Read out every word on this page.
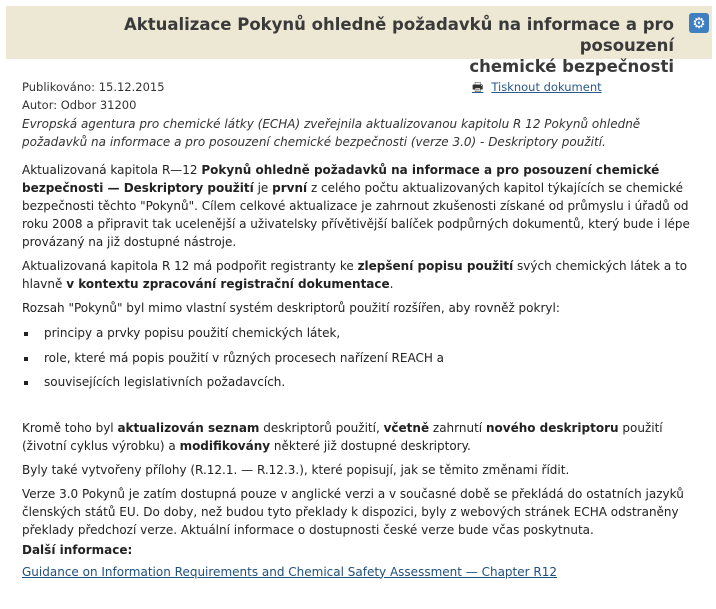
Aktualizace Pokynů ohledně požadavků na informace a pro posouzení
chemické bezpečnosti
⚙
Publikováno: 15.12.2015
Autor: Odbor 31200
🖶 Tisknout dokument

Evropská agentura pro chemické látky (ECHA) zveřejnila aktualizovanou kapitolu R 12 Pokynů ohledně požadavků na informace a pro posouzení chemické bezpečnosti (verze 3.0) - Deskriptory použití.

Aktualizovaná kapitola R—12 Pokynů ohledně požadavků na informace a pro posouzení chemické bezpečnosti — Deskriptory použití je první z celého počtu aktualizovaných kapitol týkajících se chemické bezpečnosti těchto "Pokynů". Cílem celkové aktualizace je zahrnout zkušenosti získané od průmyslu i úřadů od roku 2008 a připravit tak ucelenější a uživatelsky přívětivější balíček podpůrných dokumentů, který bude i lépe provázaný na již dostupné nástroje.

Aktualizovaná kapitola R 12 má podpořit registranty ke zlepšení popisu použití svých chemických látek a to hlavně v kontextu zpracování registrační dokumentace.

Rozsah "Pokynů" byl mimo vlastní systém deskriptorů použití rozšířen, aby rovněž pokryl:

principy a prvky popisu použití chemických látek,
role, které má popis použití v různých procesech nařízení REACH a
souvisejících legislativních požadavcích.

Kromě toho byl aktualizován seznam deskriptorů použití, včetně zahrnutí nového deskriptoru použití (životní cyklus výrobku) a modifikovány některé již dostupné deskriptory.

Byly také vytvořeny přílohy (R.12.1. — R.12.3.), které popisují, jak se těmito změnami řídit.

Verze 3.0 Pokynů je zatím dostupná pouze v anglické verzi a v současné době se překládá do ostatních jazyků členských států EU. Do doby, než budou tyto překlady k dispozici, byly z webových stránek ECHA odstraněny překlady předchozí verze. Aktuální informace o dostupnosti české verze bude včas poskytnuta.

Další informace:

Guidance on Information Requirements and Chemical Safety Assessment — Chapter R12
